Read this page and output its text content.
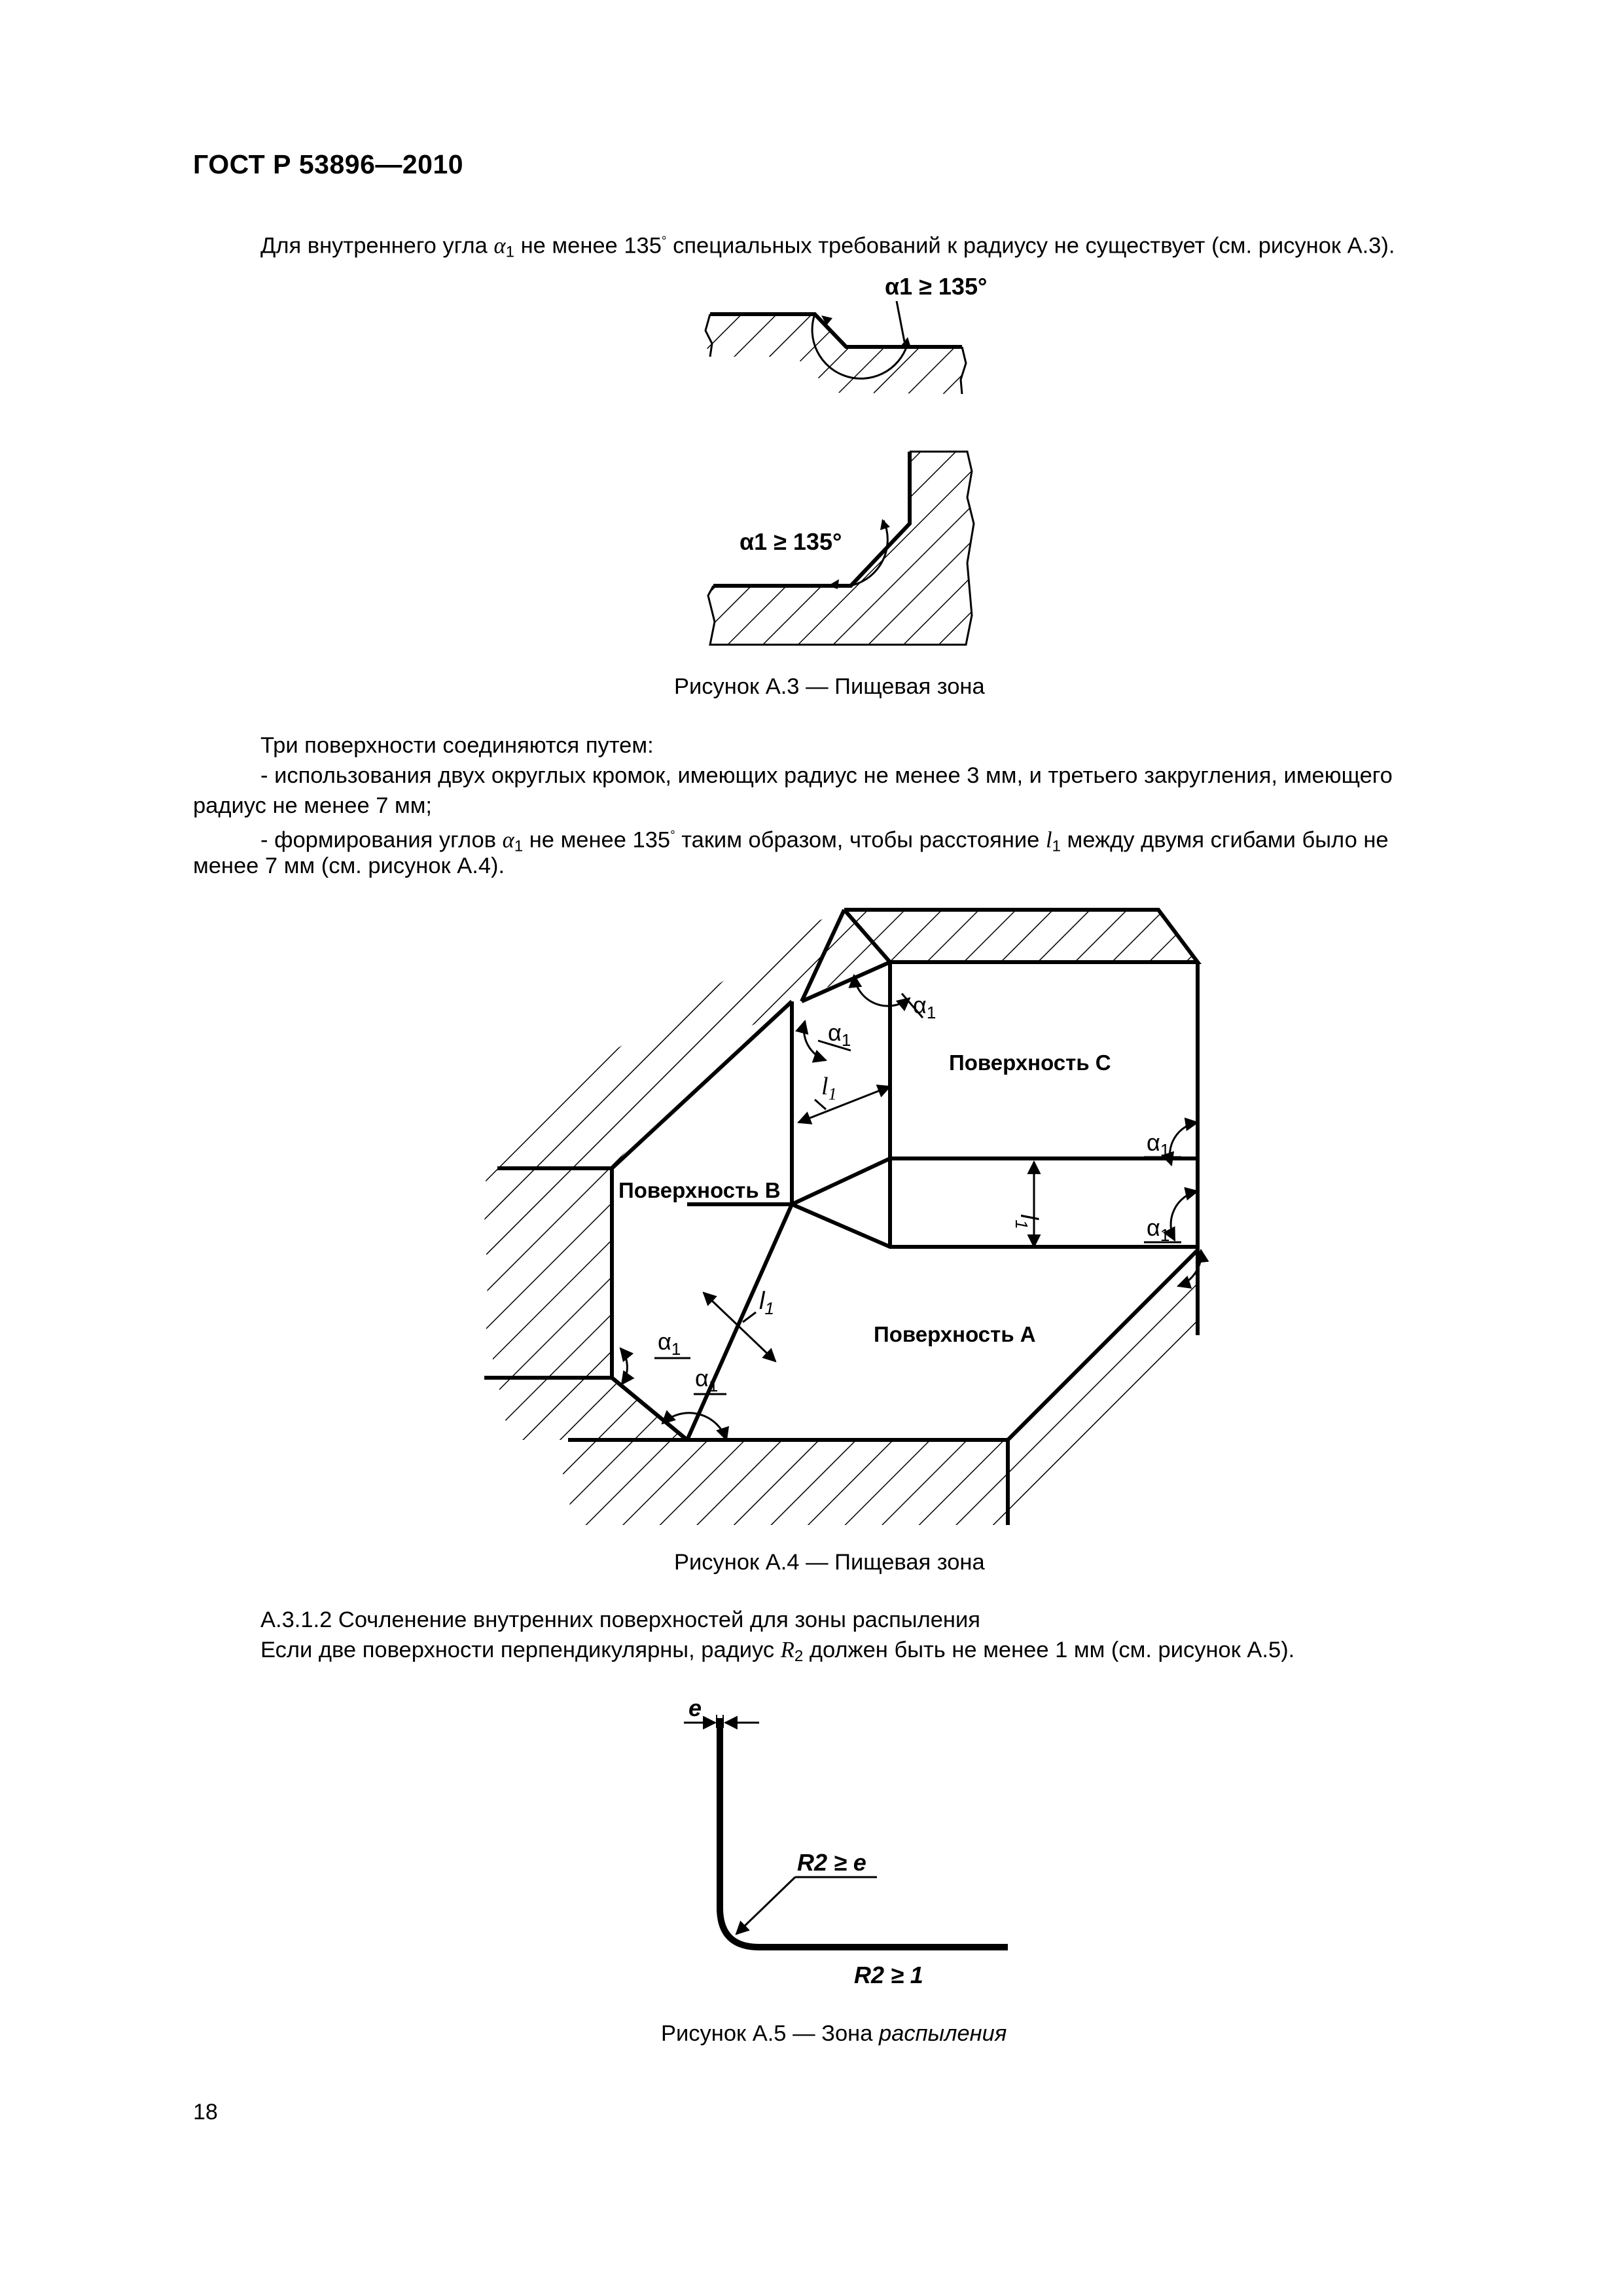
ГОСТ Р 53896—2010
Для внутреннего угла $\alpha_1$ не менее 135° специальных требований к радиусу не существует (см. рисунок А.3).
α1 ≥ 135°
α1 ≥ 135°
Рисунок А.3 — Пищевая зона
Три поверхности соединяются путем:
- использования двух округлых кромок, имеющих радиус не менее 3 мм, и третьего закругления, имеющего
радиус не менее 7 мм;
- формирования углов $\alpha_1$ не менее 135° таким образом, чтобы расстояние $l_1$ между двумя сгибами было не
менее 7 мм (см. рисунок А.4).
Поверхность С
Поверхность В
Поверхность А
$l_1$
$l_1$
$l_1$
$\alpha_1$
$\alpha_1$
$\alpha_1$
$\alpha_1$
$\alpha_1$
$\alpha_1$
Рисунок А.4 — Пищевая зона
А.3.1.2 Сочленение внутренних поверхностей для зоны распыления
Если две поверхности перпендикулярны, радиус $R_2$ должен быть не менее 1 мм (см. рисунок А.5).
e
R2 ≥ e
R2 ≥ 1
Рисунок А.5 — Зона распыления
18
